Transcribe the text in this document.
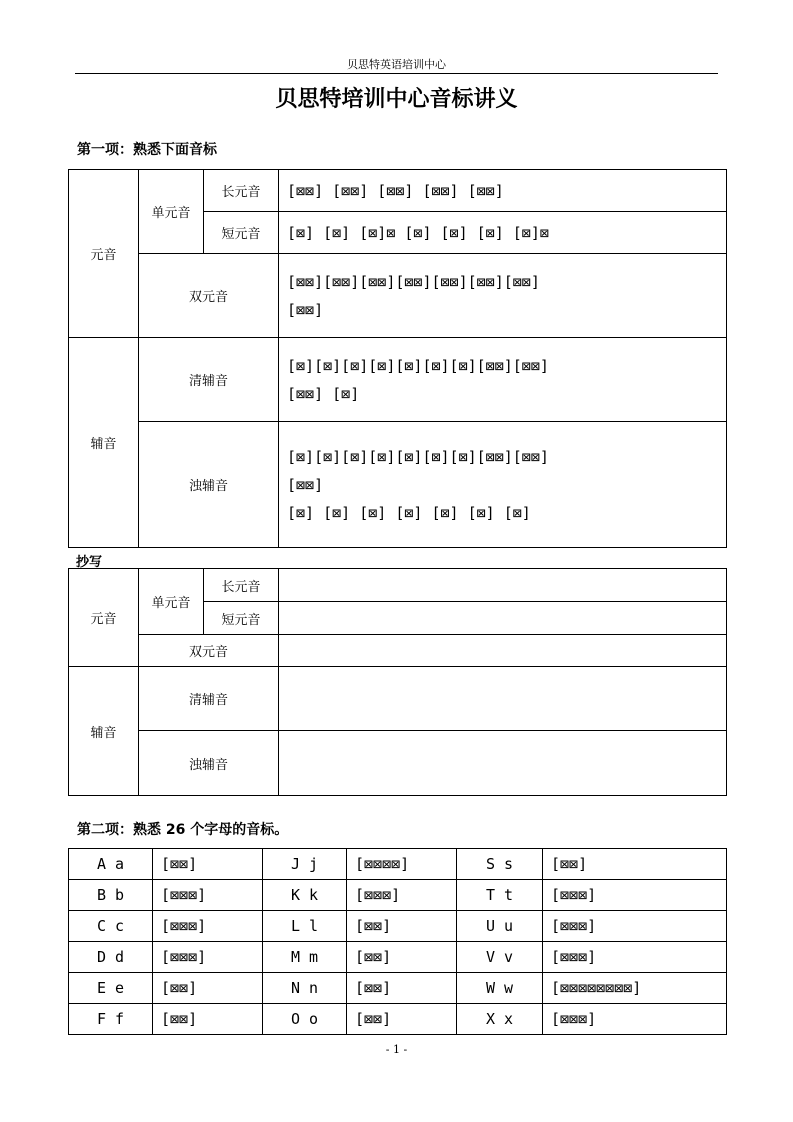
贝思特英语培训中心
贝思特培训中心音标讲义
第一项：熟悉下面音标
元音	单元音	长元音	[⊠⊠] [⊠⊠] [⊠⊠] [⊠⊠] [⊠⊠]
		短元音	[⊠] [⊠] [⊠]⊠ [⊠] [⊠] [⊠] [⊠]⊠
	双元音		[⊠⊠][⊠⊠][⊠⊠][⊠⊠][⊠⊠][⊠⊠][⊠⊠]
[⊠⊠]

辅音	清辅音		[⊠][⊠][⊠][⊠][⊠][⊠][⊠][⊠⊠][⊠⊠]
[⊠⊠] [⊠]

	浊辅音		[⊠][⊠][⊠][⊠][⊠][⊠][⊠][⊠⊠][⊠⊠]
[⊠⊠]
[⊠] [⊠] [⊠] [⊠] [⊠] [⊠] [⊠]
抄写
元音	单元音	长元音	
		短元音	
	双元音		
辅音	清辅音		
	浊辅音		
第二项：熟悉 26 个字母的音标。
A a	[⊠⊠]	J j	[⊠⊠⊠⊠]	S s	[⊠⊠]
B b	[⊠⊠⊠]	K k	[⊠⊠⊠]	T t	[⊠⊠⊠]
C c	[⊠⊠⊠]	L l	[⊠⊠]	U u	[⊠⊠⊠]
D d	[⊠⊠⊠]	M m	[⊠⊠]	V v	[⊠⊠⊠]
E e	[⊠⊠]	N n	[⊠⊠]	W w	[⊠⊠⊠⊠⊠⊠⊠⊠]
F f	[⊠⊠]	O o	[⊠⊠]	X x	[⊠⊠⊠]
- 1 -
